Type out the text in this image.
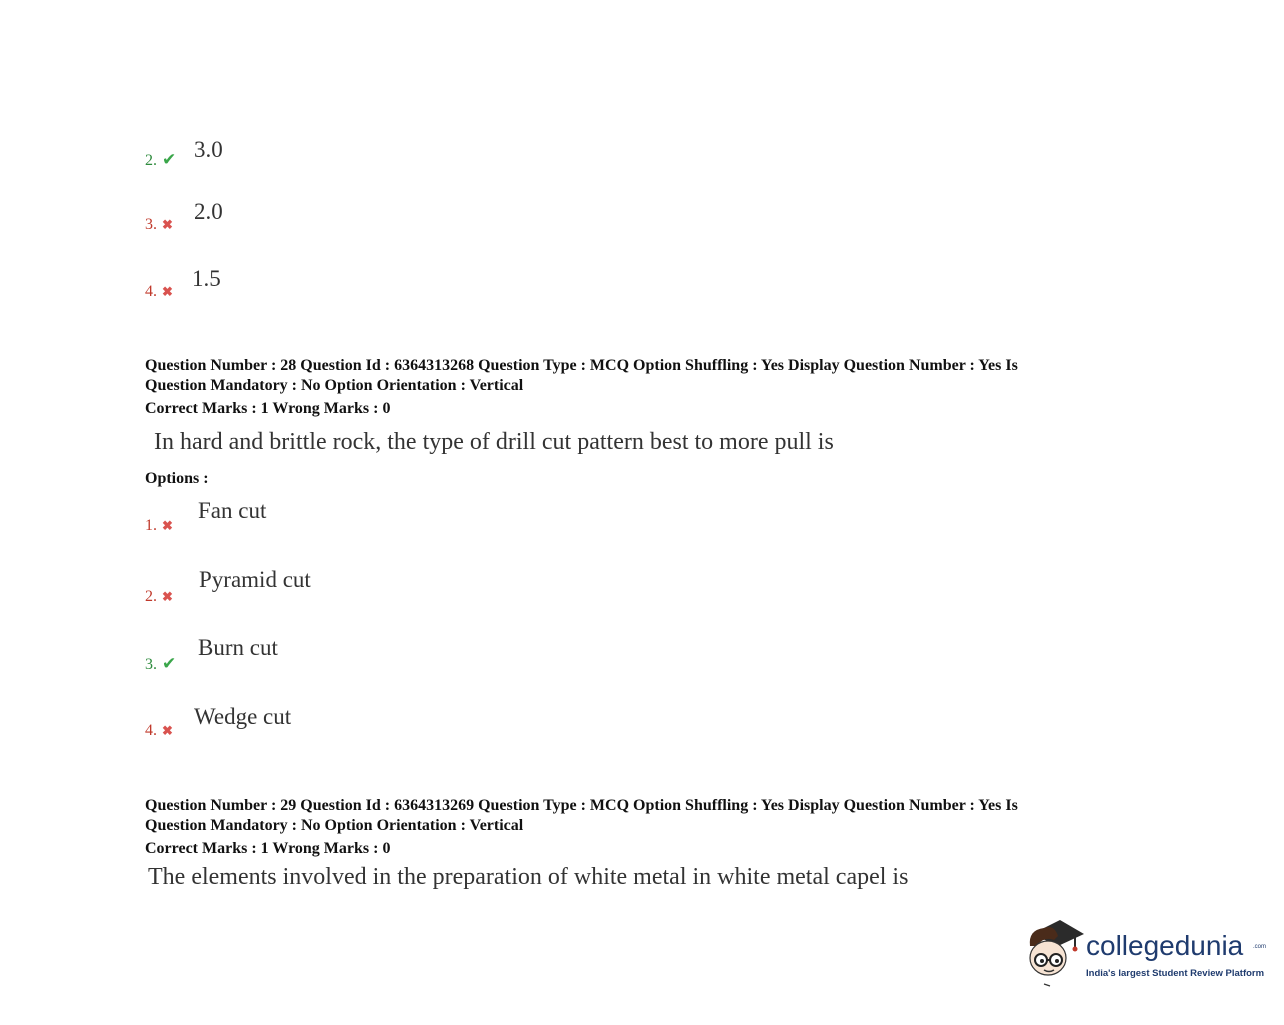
2. ✔ 3.0
3. ✖
2.0
4. ✖
1.5
Question Number : 28 Question Id : 6364313268 Question Type : MCQ Option Shuffling : Yes Display Question Number : Yes Is
Question Mandatory : No Option Orientation : Vertical
Correct Marks : 1 Wrong Marks : 0
In hard and brittle rock, the type of drill cut pattern best to more pull is
Options :
1. ✖
Fan cut
2. ✖
Pyramid cut
3. ✔
Burn cut
4. ✖
Wedge cut
Question Number : 29 Question Id : 6364313269 Question Type : MCQ Option Shuffling : Yes Display Question Number : Yes Is
Question Mandatory : No Option Orientation : Vertical
Correct Marks : 1 Wrong Marks : 0
The elements involved in the preparation of white metal in white metal capel is
collegedunia .com
India's largest Student Review Platform
